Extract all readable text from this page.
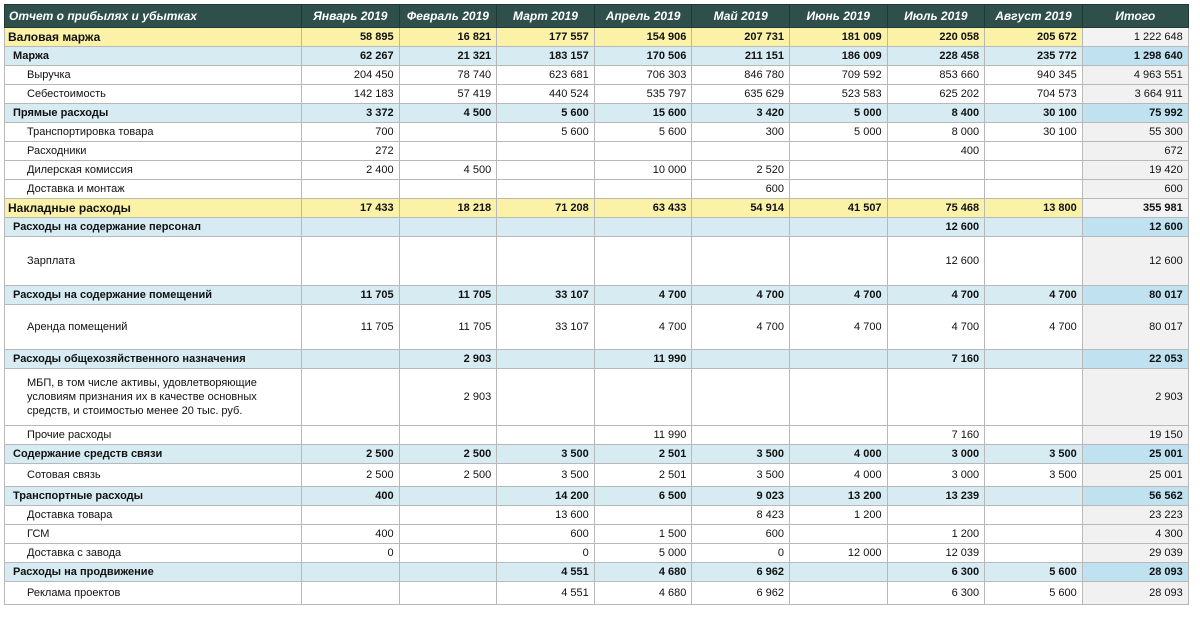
Отчет о прибылях и убытках	Январь 2019	Февраль 2019	Март 2019	Апрель 2019	Май 2019	Июнь 2019	Июль 2019	Август 2019	Итого
Валовая маржа	58 895	16 821	177 557	154 906	207 731	181 009	220 058	205 672	1 222 648
Маржа	62 267	21 321	183 157	170 506	211 151	186 009	228 458	235 772	1 298 640
Выручка	204 450	78 740	623 681	706 303	846 780	709 592	853 660	940 345	4 963 551
Себестоимость	142 183	57 419	440 524	535 797	635 629	523 583	625 202	704 573	3 664 911
Прямые расходы	3 372	4 500	5 600	15 600	3 420	5 000	8 400	30 100	75 992
Транспортировка товара	700		5 600	5 600	300	5 000	8 000	30 100	55 300
Расходники	272						400		672
Дилерская комиссия	2 400	4 500		10 000	2 520				19 420
Доставка и монтаж					600				600
Накладные расходы	17 433	18 218	71 208	63 433	54 914	41 507	75 468	13 800	355 981
Расходы на содержание персонал							12 600		12 600
Зарплата							12 600		12 600
Расходы на содержание помещений	11 705	11 705	33 107	4 700	4 700	4 700	4 700	4 700	80 017
Аренда помещений	11 705	11 705	33 107	4 700	4 700	4 700	4 700	4 700	80 017
Расходы общехозяйственного назначения		2 903		11 990			7 160		22 053
МБП, в том числе активы, удовлетворяющие условиям признания их в качестве основных средств, и стоимостью менее 20 тыс. руб.		2 903							2 903
Прочие расходы				11 990			7 160		19 150
Содержание средств связи	2 500	2 500	3 500	2 501	3 500	4 000	3 000	3 500	25 001
Сотовая связь	2 500	2 500	3 500	2 501	3 500	4 000	3 000	3 500	25 001
Транспортные расходы	400		14 200	6 500	9 023	13 200	13 239		56 562
Доставка товара			13 600		8 423	1 200			23 223
ГСМ	400		600	1 500	600		1 200		4 300
Доставка с завода	0		0	5 000	0	12 000	12 039		29 039
Расходы на продвижение			4 551	4 680	6 962		6 300	5 600	28 093
Реклама проектов			4 551	4 680	6 962		6 300	5 600	28 093
